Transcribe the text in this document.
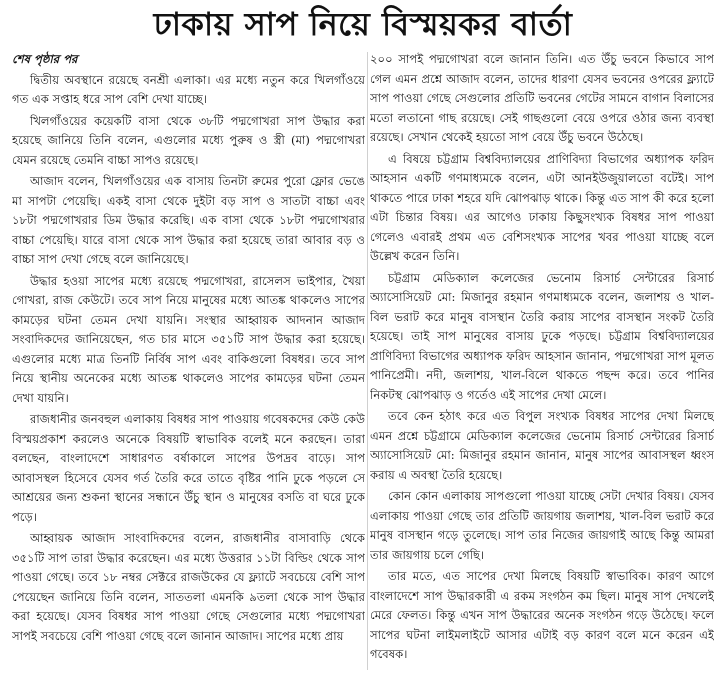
ঢাকায় সাপ নিয়ে বিস্ময়কর বার্তা

শেষ পৃষ্ঠার পর

দ্বিতীয় অবস্থানে রয়েছে বনশ্রী এলাকা। এর মধ্যে নতুন করে খিলগাঁওয়ে গত এক সপ্তাহ ধরে সাপ বেশি দেখা যাচ্ছে।

খিলগাঁওয়ের কয়েকটি বাসা থেকে ৩৮টি পদ্মগোখরা সাপ উদ্ধার করা হয়েছে জানিয়ে তিনি বলেন, এগুলোর মধ্যে পুরুষ ও স্ত্রী (মা) পদ্মগোখরা যেমন রয়েছে তেমনি বাচ্চা সাপও রয়েছে।

আজাদ বলেন, খিলগাঁওয়ের এক বাসায় তিনটা রুমের পুরো ফ্লোর ভেঙে মা সাপটা পেয়েছি। একই বাসা থেকে দুইটা বড় সাপ ও সাতটা বাচ্চা এবং ১৮টা পদ্মগোখরার ডিম উদ্ধার করেছি। এক বাসা থেকে ১৮টা পদ্মগোখরার বাচ্চা পেয়েছি। যারে বাসা থেকে সাপ উদ্ধার করা হয়েছে তারা আবার বড় ও বাচ্চা সাপ দেখা গেছে বলে জানিয়েছে।

উদ্ধার হওয়া সাপের মধ্যে রয়েছে পদ্মগোখরা, রাসেলস ভাইপার, খৈয়া গোখরা, রাজ কেউটে। তবে সাপ নিয়ে মানুষের মধ্যে আতঙ্ক থাকলেও সাপের কামড়ের ঘটনা তেমন দেখা যায়নি। সংস্থার আহ্বায়ক আদনান আজাদ সংবাদিকদের জানিয়েছেন, গত চার মাসে ৩৫১টি সাপ উদ্ধার করা হয়েছে। এগুলোর মধ্যে মাত্র তিনটি নির্বিষ সাপ এবং বাকিগুলো বিষধর। তবে সাপ নিয়ে স্থানীয় অনেকের মধ্যে আতঙ্ক থাকলেও সাপের কামড়ের ঘটনা তেমন দেখা যায়নি।

রাজধানীর জনবহুল এলাকায় বিষধর সাপ পাওয়ায় গবেষকদের কেউ কেউ বিস্ময়প্রকাশ করলেও অনেকে বিষয়টি স্বাভাবিক বলেই মনে করছেন। তারা বলছেন, বাংলাদেশে সাধারণত বর্ষাকালে সাপের উপদ্রব বাড়ে। সাপ আবাসস্থল হিসেবে যেসব গর্ত তৈরি করে তাতে বৃষ্টির পানি ঢুকে পড়লে সে আশ্রয়ের জন্য শুকনা স্থানের সন্ধানে উঁচু স্থান ও মানুষের বসতি বা ঘরে ঢুকে পড়ে।

আহ্বায়ক আজাদ সাংবাদিকদের বলেন, রাজধানীর বাসাবাড়ি থেকে ৩৫১টি সাপ তারা উদ্ধার করেছেন। এর মধ্যে উত্তরার ১১টা বিল্ডিং থেকে সাপ পাওয়া গেছে। তবে ১৮ নম্বর সেক্টরে রাজউকের যে ফ্ল্যাটে সবচেয়ে বেশি সাপ পেয়েছেন জানিয়ে তিনি বলেন, সাততলা এমনকি ৯তলা থেকে সাপ উদ্ধার করা হয়েছে। যেসব বিষধর সাপ পাওয়া গেছে সেগুলোর মধ্যে পদ্মগোখরা সাপই সবচেয়ে বেশি পাওয়া গেছে বলে জানান আজাদ। সাপের মধ্যে প্রায়

২০০ সাপই পদ্মগোখরা বলে জানান তিনি। এত উঁচু ভবনে কিভাবে সাপ গেল এমন প্রশ্নে আজাদ বলেন, তাদের ধারণা যেসব ভবনের ওপরের ফ্ল্যাটে সাপ পাওয়া গেছে সেগুলোর প্রতিটি ভবনের গেটের সামনে বাগান বিলাসের মতো লতানো গাছ রয়েছে। সেই গাছগুলো বেয়ে ওপরে ওঠার জন্য ব্যবস্থা রয়েছে। সেখান থেকেই হয়তো সাপ বেয়ে উঁচু ভবনে উঠেছে।

এ বিষয়ে চট্টগ্রাম বিশ্ববিদ্যালয়ের প্রাণিবিদ্যা বিভাগের অধ্যাপক ফরিদ আহসান একটি গণমাধ্যমকে বলেন, এটা আনইউজুয়ালতো বটেই। সাপ থাকতে পারে ঢাকা শহরে যদি ঝোপঝাড় থাকে। কিন্তু এত সাপ কী করে হলো এটা চিন্তার বিষয়। এর আগেও ঢাকায় কিছুসংখ্যক বিষধর সাপ পাওয়া গেলেও এবারই প্রথম এত বেশিসংখ্যক সাপের খবর পাওয়া যাচ্ছে বলে উল্লেখ করেন তিনি।

চট্টগ্রাম মেডিক্যাল কলেজের ভেনোম রিসার্চ সেন্টারের রিসার্চ অ্যাসোসিয়েট মো: মিজানুর রহমান গণমাধ্যমকে বলেন, জলাশয় ও খাল-বিল ভরাট করে মানুষ বাসস্থান তৈরি করায় সাপের বাসস্থান সংকট তৈরি হয়েছে। তাই সাপ মানুষের বাসায় ঢুকে পড়ছে। চট্টগ্রাম বিশ্ববিদ্যালয়ের প্রাণিবিদ্যা বিভাগের অধ্যাপক ফরিদ আহসান জানান, পদ্মগোখরা সাপ মূলত পানিপ্রেমী। নদী, জলাশয়, খাল-বিলে থাকতে পছন্দ করে। তবে পানির নিকটস্থ ঝোপঝাড় ও গর্তেও এই সাপের দেখা মেলে।

তবে কেন হঠাৎ করে এত বিপুল সংখ্যক বিষধর সাপের দেখা মিলছে এমন প্রশ্নে চট্টগ্রামে মেডিক্যাল কলেজের ভেনোম রিসার্চ সেন্টারের রিসার্চ অ্যাসোসিয়েট মো: মিজানুর রহমান জানান, মানুষ সাপের আবাসস্থল ধ্বংস করায় এ অবস্থা তৈরি হয়েছে।

কোন কোন এলাকায় সাপগুলো পাওয়া যাচ্ছে সেটা দেখার বিষয়। যেসব এলাকায় পাওয়া গেছে তার প্রতিটি জায়গায় জলাশয়, খাল-বিল ভরাট করে মানুষ বাসস্থান গড়ে তুলেছে। সাপ তার নিজের জায়গাই আছে কিন্তু আমরা তার জায়গায় চলে গেছি।

তার মতে, এত সাপের দেখা মিলছে বিষয়টি স্বাভাবিক। কারণ আগে বাংলাদেশে সাপ উদ্ধারকারী এ রকম সংগঠন কম ছিল। মানুষ সাপ দেখলেই মেরে ফেলত। কিন্তু এখন সাপ উদ্ধারের অনেক সংগঠন গড়ে উঠেছে। ফলে সাপের ঘটনা লাইমলাইটে আসার এটাই বড় কারণ বলে মনে করেন এই গবেষক।
